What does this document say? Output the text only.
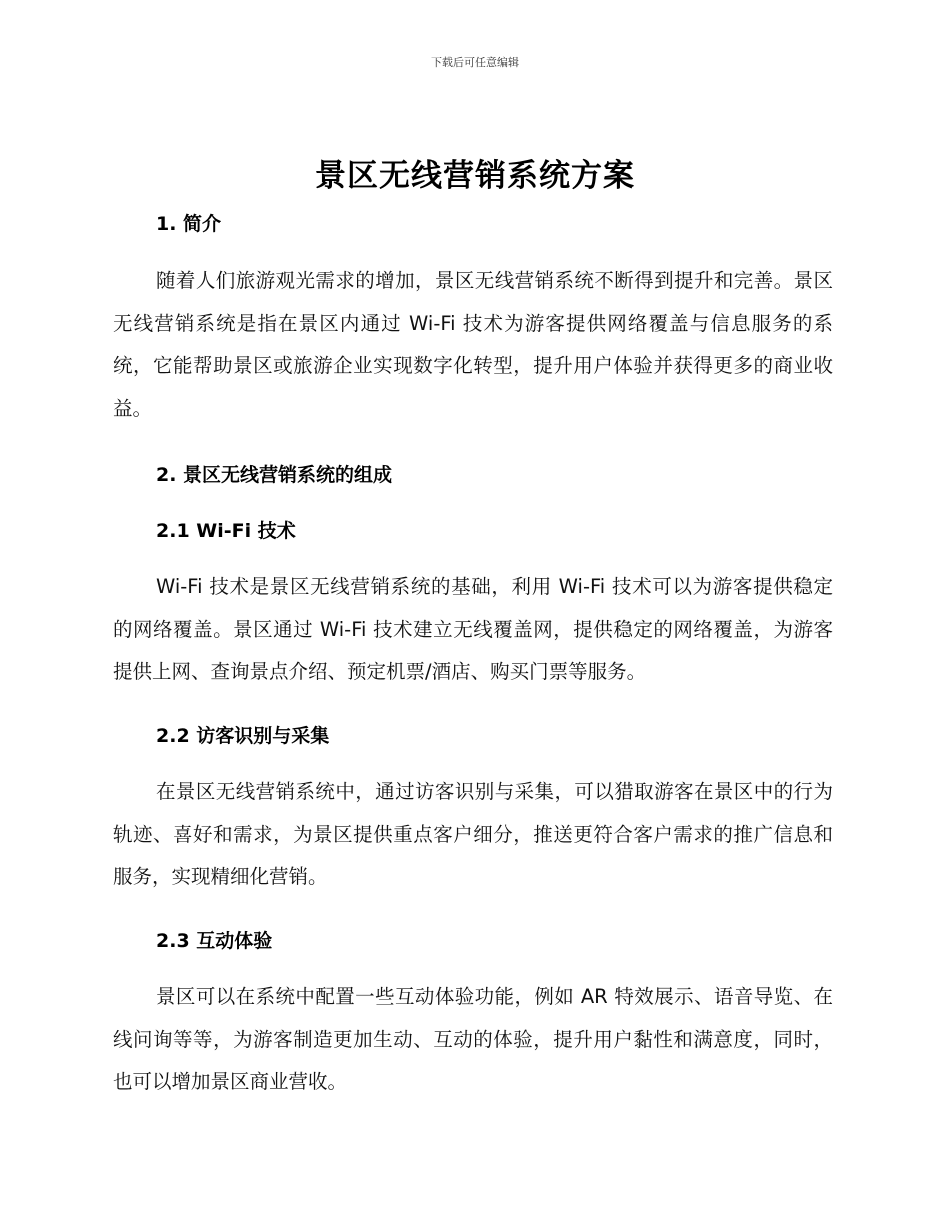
下载后可任意编辑
景区无线营销系统方案
1. 简介
随着人们旅游观光需求的增加，景区无线营销系统不断得到提升和完善。景区无线营销系统是指在景区内通过 Wi-Fi 技术为游客提供网络覆盖与信息服务的系统，它能帮助景区或旅游企业实现数字化转型，提升用户体验并获得更多的商业收益。
2. 景区无线营销系统的组成
2.1 Wi-Fi 技术
Wi-Fi 技术是景区无线营销系统的基础，利用 Wi-Fi 技术可以为游客提供稳定的网络覆盖。景区通过 Wi-Fi 技术建立无线覆盖网，提供稳定的网络覆盖，为游客提供上网、查询景点介绍、预定机票/酒店、购买门票等服务。
2.2 访客识别与采集
在景区无线营销系统中，通过访客识别与采集，可以猎取游客在景区中的行为轨迹、喜好和需求，为景区提供重点客户细分，推送更符合客户需求的推广信息和服务，实现精细化营销。
2.3 互动体验
景区可以在系统中配置一些互动体验功能，例如 AR 特效展示、语音导览、在线问询等等，为游客制造更加生动、互动的体验，提升用户黏性和满意度，同时，也可以增加景区商业营收。
